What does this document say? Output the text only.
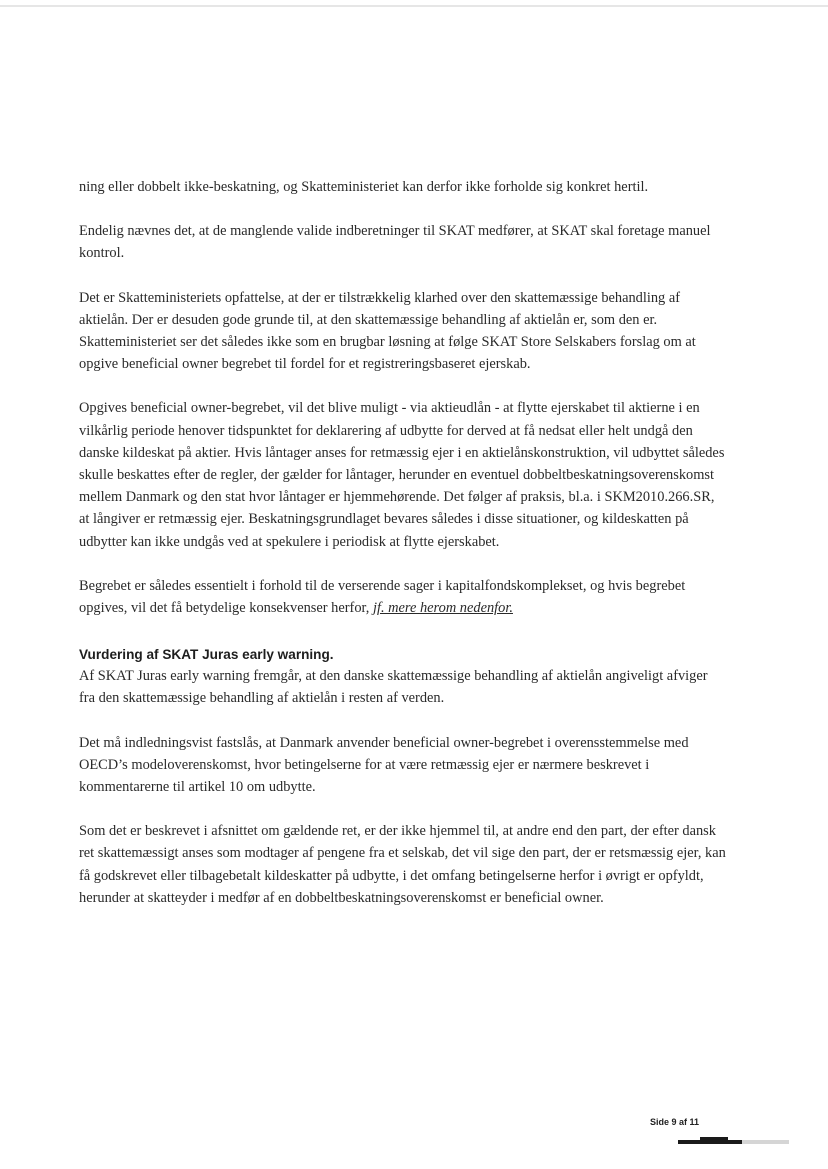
ning eller dobbelt ikke-beskatning, og Skatteministeriet kan derfor ikke forholde sig konkret hertil.

Endelig nævnes det, at de manglende valide indberetninger til SKAT medfører, at SKAT skal foretage manuel kontrol.

Det er Skatteministeriets opfattelse, at der er tilstrækkelig klarhed over den skattemæssige behandling af aktielån. Der er desuden gode grunde til, at den skattemæssige behandling af aktielån er, som den er. Skatteministeriet ser det således ikke som en brugbar løsning at følge SKAT Store Selskabers forslag om at opgive beneficial owner begrebet til fordel for et registreringsbaseret ejerskab.

Opgives beneficial owner-begrebet, vil det blive muligt - via aktieudlån - at flytte ejerskabet til aktierne i en vilkårlig periode henover tidspunktet for deklarering af udbytte for derved at få nedsat eller helt undgå den danske kildeskat på aktier. Hvis låntager anses for retmæssig ejer i en aktielånskonstruktion, vil udbyttet således skulle beskattes efter de regler, der gælder for låntager, herunder en eventuel dobbeltbeskatningsoverenskomst mellem Danmark og den stat hvor låntager er hjemmehørende. Det følger af praksis, bl.a. i SKM2010.266.SR, at långiver er retmæssig ejer. Beskatningsgrundlaget bevares således i disse situationer, og kildeskatten på udbytter kan ikke undgås ved at spekulere i periodisk at flytte ejerskabet.

Begrebet er således essentielt i forhold til de verserende sager i kapitalfondskomplekset, og hvis begrebet opgives, vil det få betydelige konsekvenser herfor, jf. mere herom nedenfor.

Vurdering af SKAT Juras early warning.

Af SKAT Juras early warning fremgår, at den danske skattemæssige behandling af aktielån angiveligt afviger fra den skattemæssige behandling af aktielån i resten af verden.

Det må indledningsvist fastslås, at Danmark anvender beneficial owner-begrebet i overensstemmelse med OECD’s modeloverenskomst, hvor betingelserne for at være retmæssig ejer er nærmere beskrevet i kommentarerne til artikel 10 om udbytte.

Som det er beskrevet i afsnittet om gældende ret, er der ikke hjemmel til, at andre end den part, der efter dansk ret skattemæssigt anses som modtager af pengene fra et selskab, det vil sige den part, der er retsmæssig ejer, kan få godskrevet eller tilbagebetalt kildeskatter på udbytte, i det omfang betingelserne herfor i øvrigt er opfyldt, herunder at skatteyder i medfør af en dobbeltbeskatningsoverenskomst er beneficial owner.

Side 9 af 11
